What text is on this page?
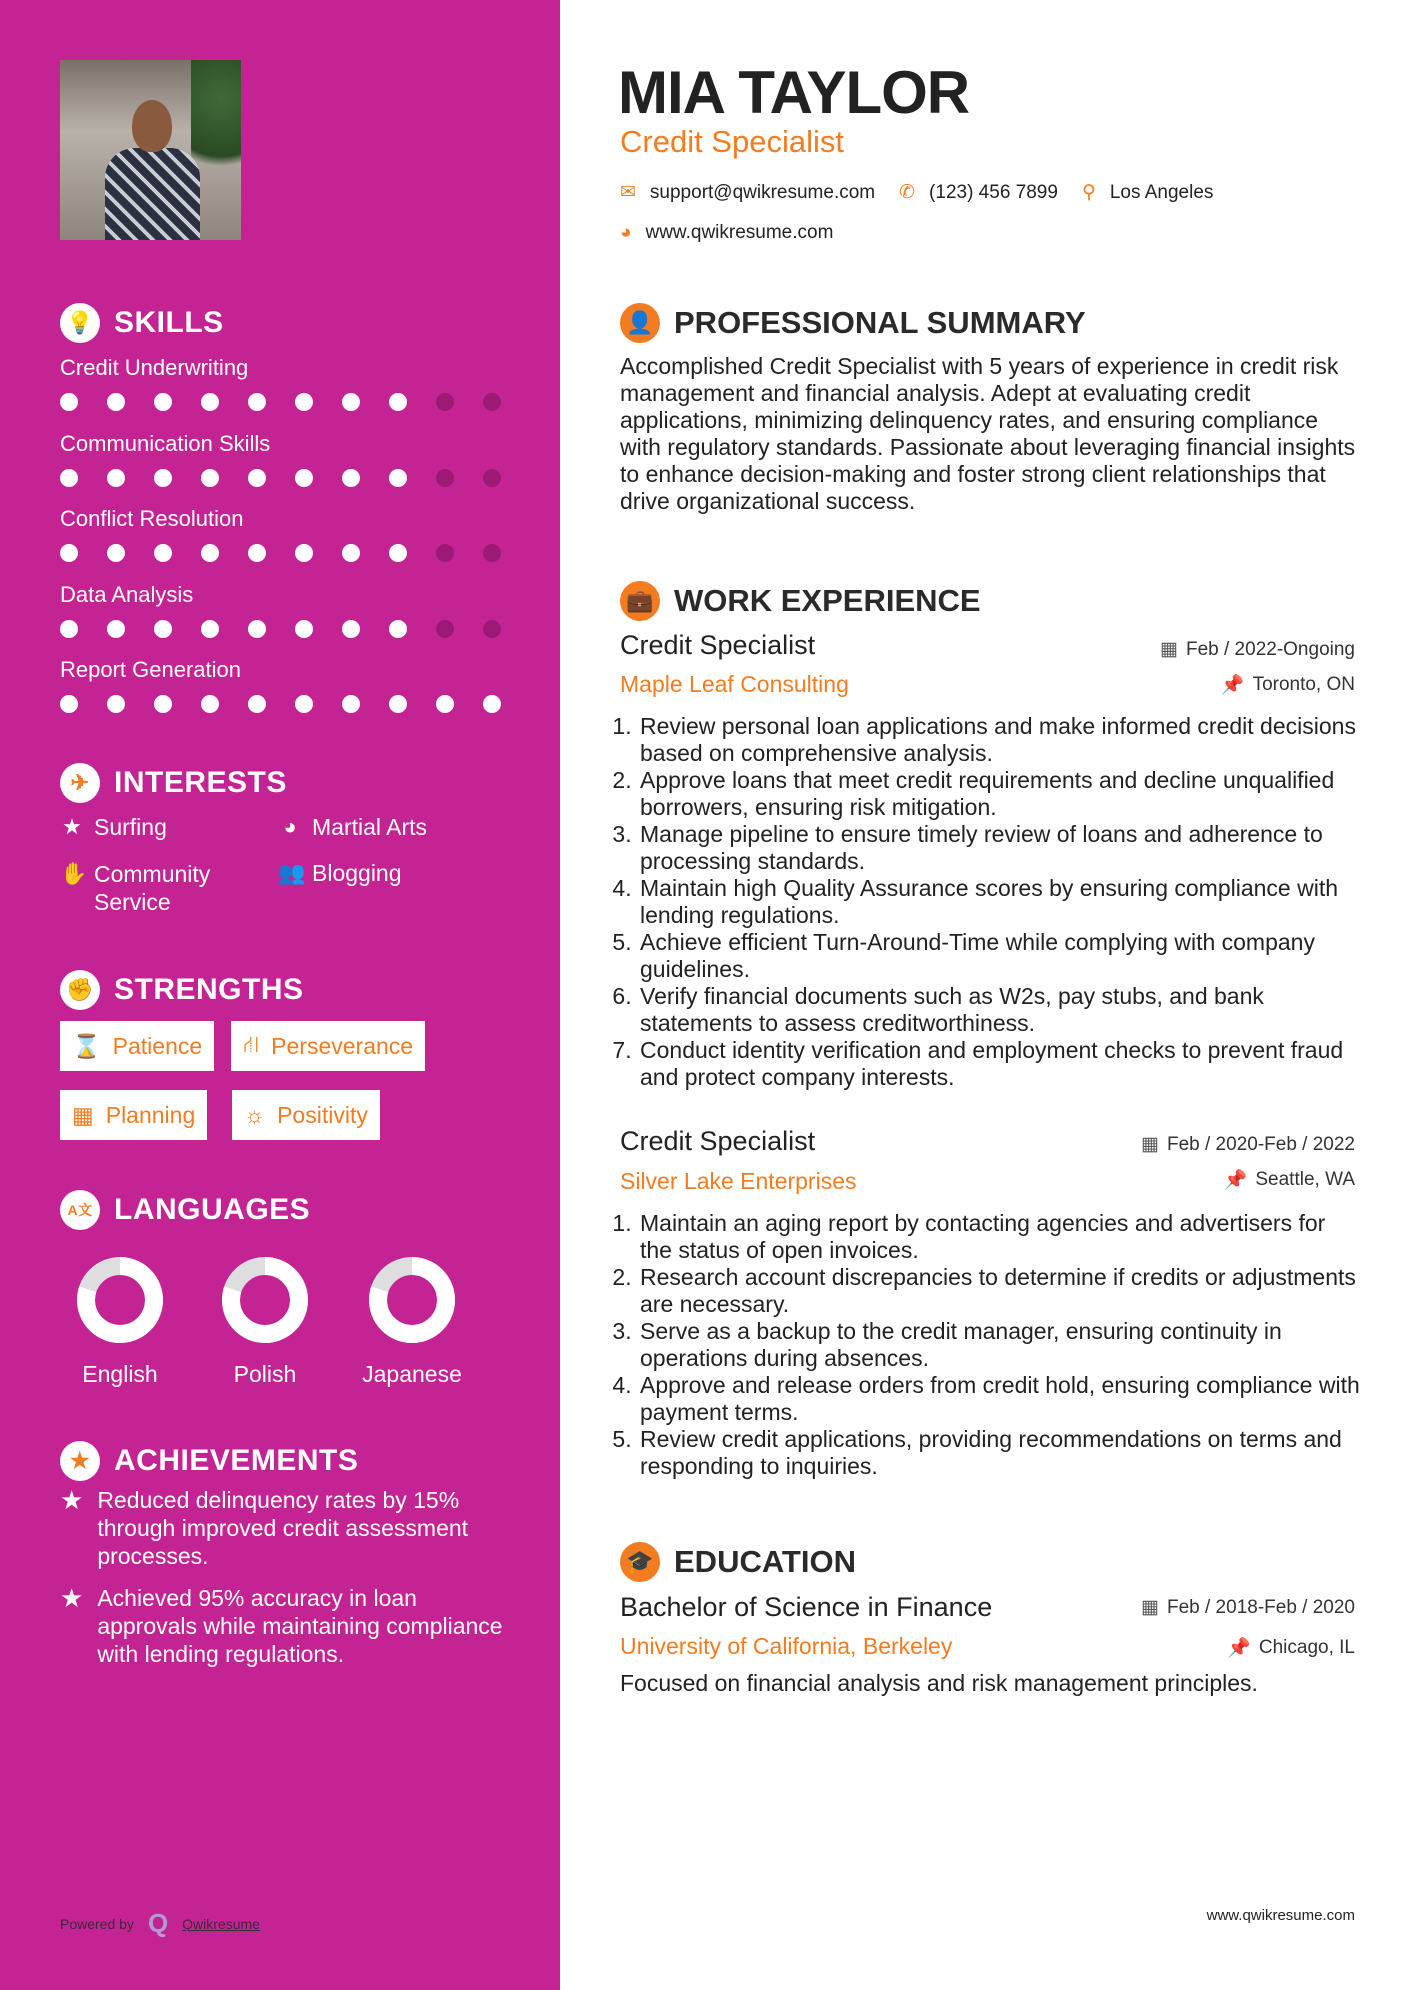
💡 SKILLS
Credit Underwriting
Communication Skills
Conflict Resolution
Data Analysis
Report Generation
✈ INTERESTS
★ Surfing	◕ Martial Arts
✋ Community Service
👥 Blogging
✊ STRENGTHS
⌛ Patience ⛙ Perseverance
▦ Planning ☼ Positivity
A文 LANGUAGES
English	Polish	Japanese
★ ACHIEVEMENTS
★ Reduced delinquency rates by 15% through improved credit assessment processes.
★ Achieved 95% accuracy in loan approvals while maintaining compliance with lending regulations.
Powered by Q Qwikresume
MIA TAYLOR
Credit Specialist
✉ support@qwikresume.com ✆ (123) 456 7899 ⚲ Los Angeles
◕ www.qwikresume.com
👤 PROFESSIONAL SUMMARY
Accomplished Credit Specialist with 5 years of experience in credit risk management and financial analysis. Adept at evaluating credit applications, minimizing delinquency rates, and ensuring compliance with regulatory standards. Passionate about leveraging financial insights to enhance decision-making and foster strong client relationships that drive organizational success.
💼 WORK EXPERIENCE
Credit Specialist	▦ Feb / 2022-Ongoing
Maple Leaf Consulting	📌 Toronto, ON
1. Review personal loan applications and make informed credit decisions based on comprehensive analysis.
2. Approve loans that meet credit requirements and decline unqualified borrowers, ensuring risk mitigation.
3. Manage pipeline to ensure timely review of loans and adherence to processing standards.
4. Maintain high Quality Assurance scores by ensuring compliance with lending regulations.
5. Achieve efficient Turn-Around-Time while complying with company guidelines.
6. Verify financial documents such as W2s, pay stubs, and bank statements to assess creditworthiness.
7. Conduct identity verification and employment checks to prevent fraud and protect company interests.
Credit Specialist	▦ Feb / 2020-Feb / 2022
Silver Lake Enterprises	📌 Seattle, WA
1. Maintain an aging report by contacting agencies and advertisers for the status of open invoices.
2. Research account discrepancies to determine if credits or adjustments are necessary.
3. Serve as a backup to the credit manager, ensuring continuity in operations during absences.
4. Approve and release orders from credit hold, ensuring compliance with payment terms.
5. Review credit applications, providing recommendations on terms and responding to inquiries.
🎓 EDUCATION
Bachelor of Science in Finance	▦ Feb / 2018-Feb / 2020
University of California, Berkeley	📌 Chicago, IL
Focused on financial analysis and risk management principles.
www.qwikresume.com
